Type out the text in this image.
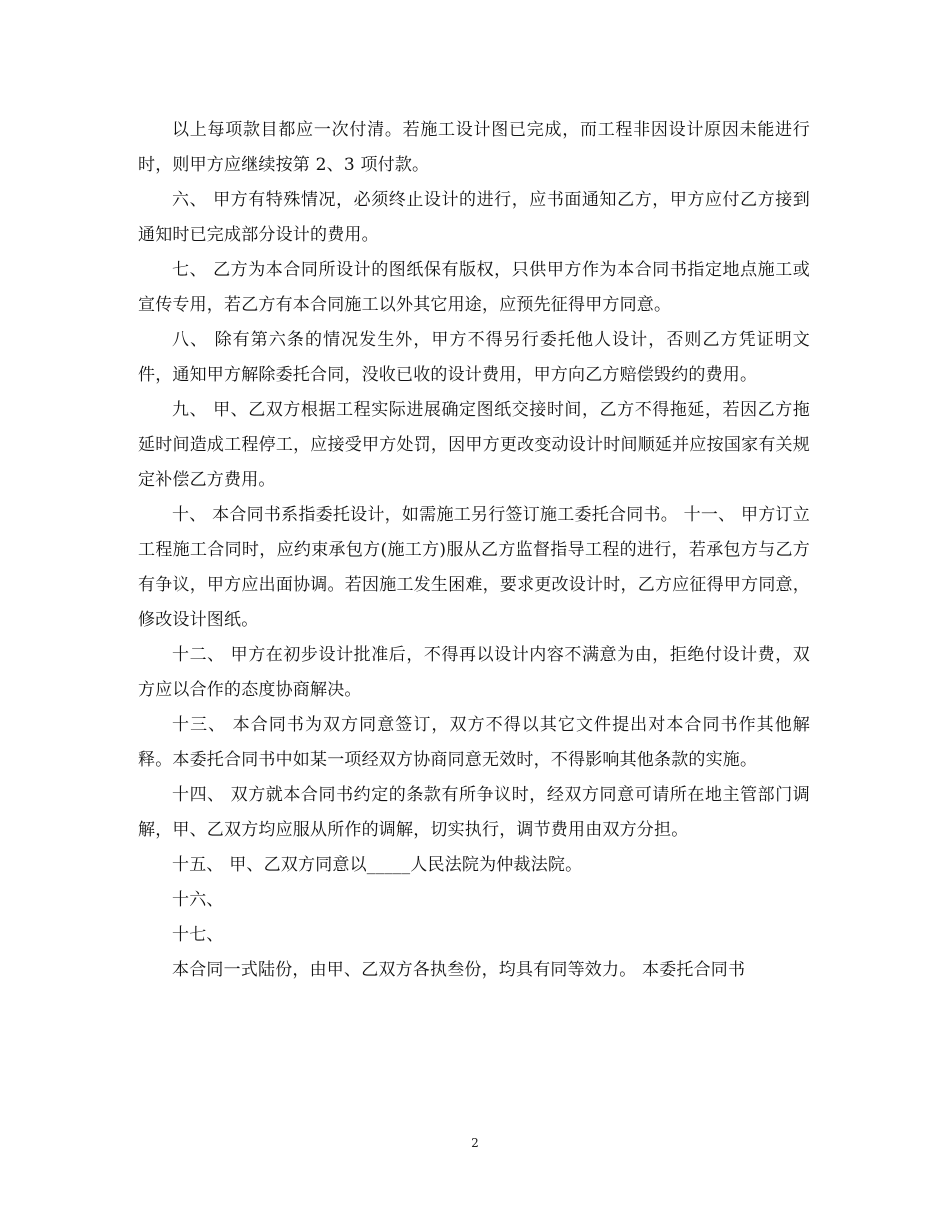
以上每项款目都应一次付清。若施工设计图已完成，而工程非因设计原因未能进行时，则甲方应继续按第 2、3 项付款。

六、 甲方有特殊情况，必须终止设计的进行，应书面通知乙方，甲方应付乙方接到通知时已完成部分设计的费用。

七、 乙方为本合同所设计的图纸保有版权，只供甲方作为本合同书指定地点施工或宣传专用，若乙方有本合同施工以外其它用途，应预先征得甲方同意。

八、 除有第六条的情况发生外，甲方不得另行委托他人设计，否则乙方凭证明文件，通知甲方解除委托合同，没收已收的设计费用，甲方向乙方赔偿毁约的费用。

九、 甲、乙双方根据工程实际进展确定图纸交接时间，乙方不得拖延，若因乙方拖延时间造成工程停工，应接受甲方处罚，因甲方更改变动设计时间顺延并应按国家有关规定补偿乙方费用。

十、 本合同书系指委托设计，如需施工另行签订施工委托合同书。 十一、 甲方订立工程施工合同时，应约束承包方(施工方)服从乙方监督指导工程的进行，若承包方与乙方有争议，甲方应出面协调。若因施工发生困难，要求更改设计时，乙方应征得甲方同意，修改设计图纸。

十二、 甲方在初步设计批准后，不得再以设计内容不满意为由，拒绝付设计费，双方应以合作的态度协商解决。

十三、 本合同书为双方同意签订，双方不得以其它文件提出对本合同书作其他解释。本委托合同书中如某一项经双方协商同意无效时，不得影响其他条款的实施。

十四、 双方就本合同书约定的条款有所争议时，经双方同意可请所在地主管部门调解，甲、乙双方均应服从所作的调解，切实执行，调节费用由双方分担。

十五、 甲、乙双方同意以_____人民法院为仲裁法院。

十六、

十七、

本合同一式陆份，由甲、乙双方各执叁份，均具有同等效力。 本委托合同书

2
